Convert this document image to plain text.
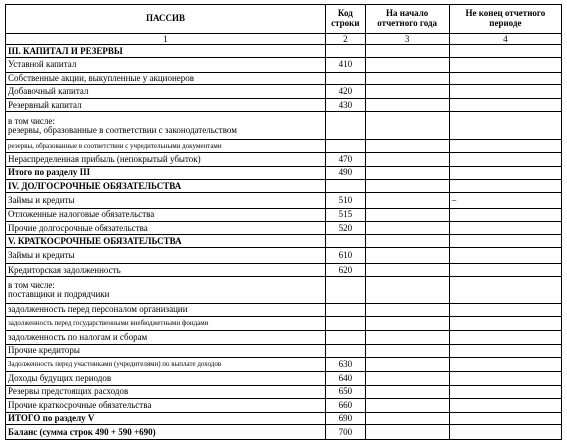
ПАССИВ	Код строки	На начало отчетного года	Не конец отчетного периоде
1	2	3	4
III. КАПИТАЛ И РЕЗЕРВЫ			
Уставной капитал	410		
Собственные акции, выкупленные у акционеров			
Добавочный капитал	420		
Резервный капитал	430		
в том числе:
резервы, образованные в соответствии с законодательством			
резервы, образованные в соответствии с учредительными документами			
Нераспределенная прибыль (непокрытый убыток)	470		
Итого по разделу III	490		
IV. ДОЛГОСРОЧНЫЕ ОБЯЗАТЕЛЬСТВА			
Займы и кредиты	510		–
Отложенные налоговые обязательства	515		
Прочие долгосрочные обязательства	520		
V. КРАТКОСРОЧНЫЕ ОБЯЗАТЕЛЬСТВА			
Займы и кредиты	610		
Кредиторская задолженность	620		
в том числе:
поставщики и подрядчики			
задолженность перед персоналом организации			
задолженность перед государственными внебюджетными фондами			
задолженность по налогам и сборам			
Прочие кредиторы			
Задолженность перед участниками (учредителями) по выплате доходов	630		
Доходы будущих периодов	640		
Резервы предстоящих расходов	650		
Прочие краткосрочные обязательства	660		
ИТОГО по разделу V	690		
Баланс (сумма строк 490 + 590 +690)	700		
